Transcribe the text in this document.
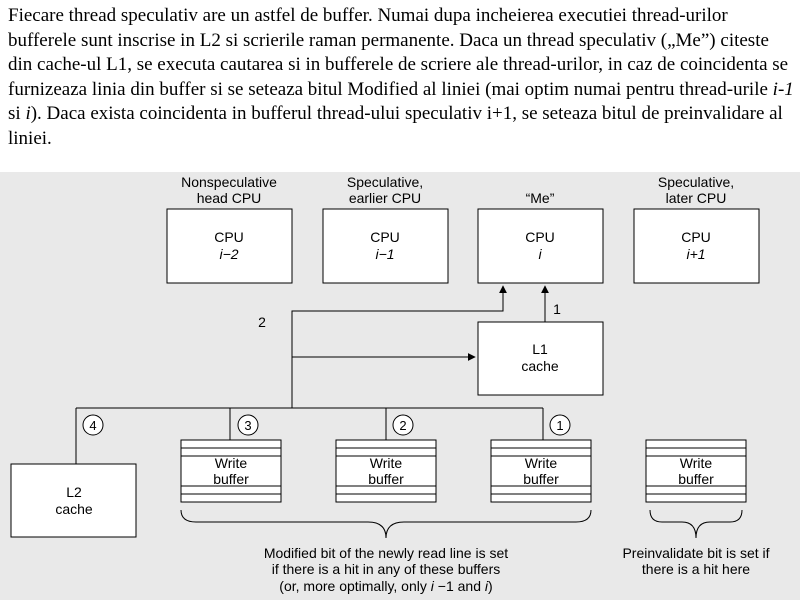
Fiecare thread speculativ are un astfel de buffer. Numai dupa incheierea executiei thread-urilor bufferele sunt inscrise in L2 si scrierile raman permanente. Daca un thread speculativ („Me”) citeste din cache-ul L1, se executa cautarea si in bufferele de scriere ale thread-urilor, in caz de coincidenta se furnizeaza linia din buffer si se seteaza bitul Modified al liniei (mai optim numai pentru thread-urile i-1 si i). Daca exista coincidenta in bufferul thread-ului speculativ i+1, se seteaza bitul de preinvalidare al liniei.

Nonspeculative head CPU
Speculative, earlier CPU	“Me”
Speculative, later CPU
CPU
i−2
CPU
i−1
CPU
i
CPU
i+1
L1 cache
L2 cache
2
1
4	3	2	1
Write buffer
Write buffer
Write buffer
Write buffer
Modified bit of the newly read line is set
if there is a hit in any of these buffers
(or, more optimally, only i −1 and i)
Preinvalidate bit is set if
there is a hit here
